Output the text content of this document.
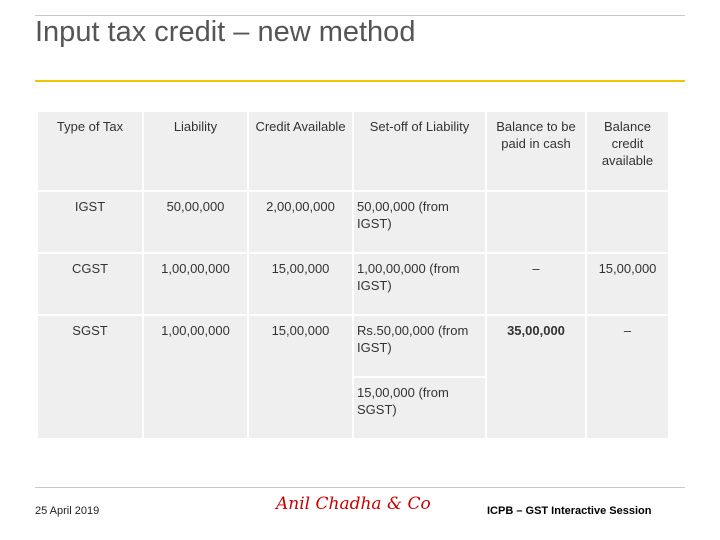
Input tax credit – new method
Type of Tax	Liability	Credit Available	Set-off of Liability	Balance to be paid in cash	Balance credit available
IGST	50,00,000	2,00,00,000	50,00,000 (from IGST)		
CGST	1,00,00,000	15,00,000	1,00,00,000 (from IGST)	–	15,00,000
SGST	1,00,00,000	15,00,000	Rs.50,00,000 (from IGST)	35,00,000	–
			15,00,000 (from SGST)		
25 April 2019	Anil Chadha & Co	ICPB – GST Interactive Session
